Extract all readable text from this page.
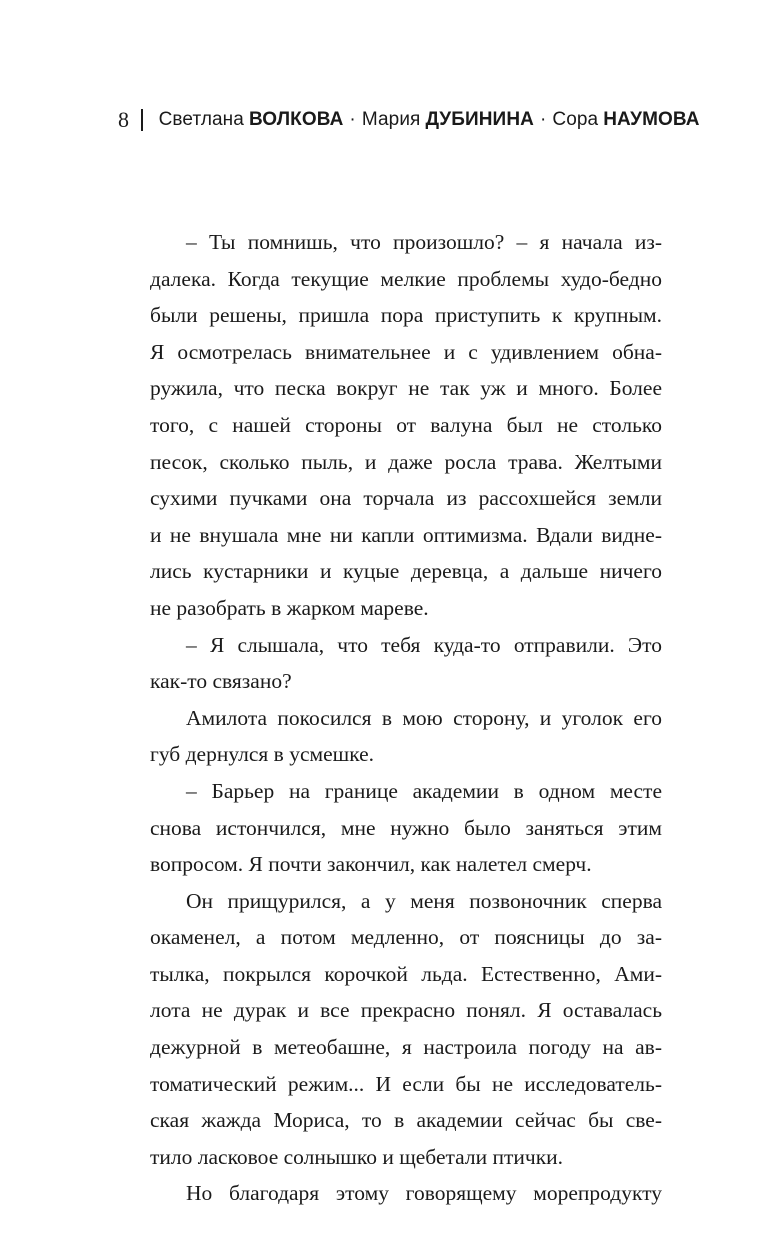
8 Светлана ВОЛКОВА · Мария ДУБИНИНА · Сора НАУМОВА
– Ты помнишь, что произошло? – я начала из-
далека. Когда текущие мелкие проблемы худо-бедно
были решены, пришла пора приступить к крупным.
Я осмотрелась внимательнее и с удивлением обна-
ружила, что песка вокруг не так уж и много. Более
того, с нашей стороны от валуна был не столько
песок, сколько пыль, и даже росла трава. Желтыми
сухими пучками она торчала из рассохшейся земли
и не внушала мне ни капли оптимизма. Вдали видне-
лись кустарники и куцые деревца, а дальше ничего
не разобрать в жарком мареве.
– Я слышала, что тебя куда-то отправили. Это
как-то связано?
Амилота покосился в мою сторону, и уголок его
губ дернулся в усмешке.
– Барьер на границе академии в одном месте
снова истончился, мне нужно было заняться этим
вопросом. Я почти закончил, как налетел смерч.
Он прищурился, а у меня позвоночник сперва
окаменел, а потом медленно, от поясницы до за-
тылка, покрылся корочкой льда. Естественно, Ами-
лота не дурак и все прекрасно понял. Я оставалась
дежурной в метеобашне, я настроила погоду на ав-
томатический режим... И если бы не исследователь-
ская жажда Мориса, то в академии сейчас бы све-
тило ласковое солнышко и щебетали птички.
Но благодаря этому говорящему морепродукту
